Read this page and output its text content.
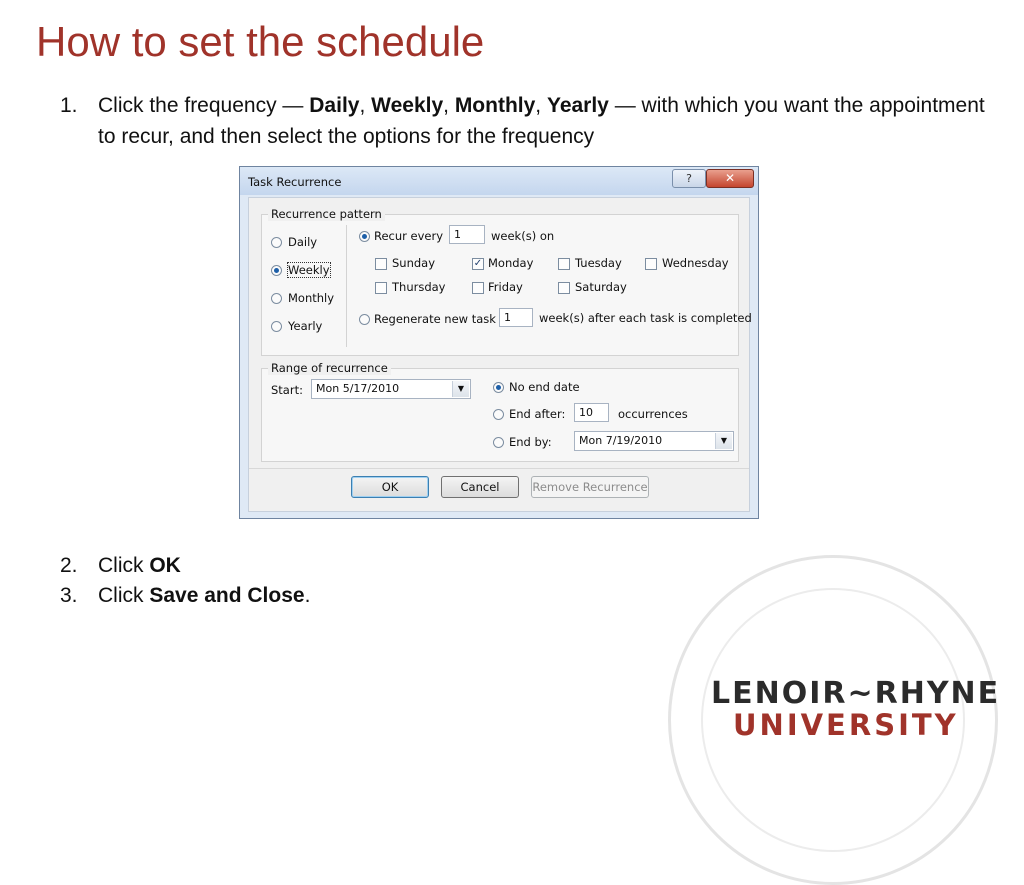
How to set the schedule
1. Click the frequency — Daily, Weekly, Monthly, Yearly — with which you want the appointment to recur, and then select the options for the frequency
Task Recurrence	?	✕
Recurrence pattern
Daily
Weekly
Monthly
Yearly
Recur every 1	week(s) on
Sunday	✓ Monday	Tuesday	Wednesday
Thursday	Friday	Saturday
Regenerate new task 1	week(s) after each task is completed
Range of recurrence
Start:	Mon 5/17/2010	▼	No end date
End after:	10	occurrences
End by:	Mon 7/19/2010	▼
OK	Cancel	Remove Recurrence
2. Click OK
3. Click Save and Close.
LENOIR~RHYNE
UNIVERSITY
